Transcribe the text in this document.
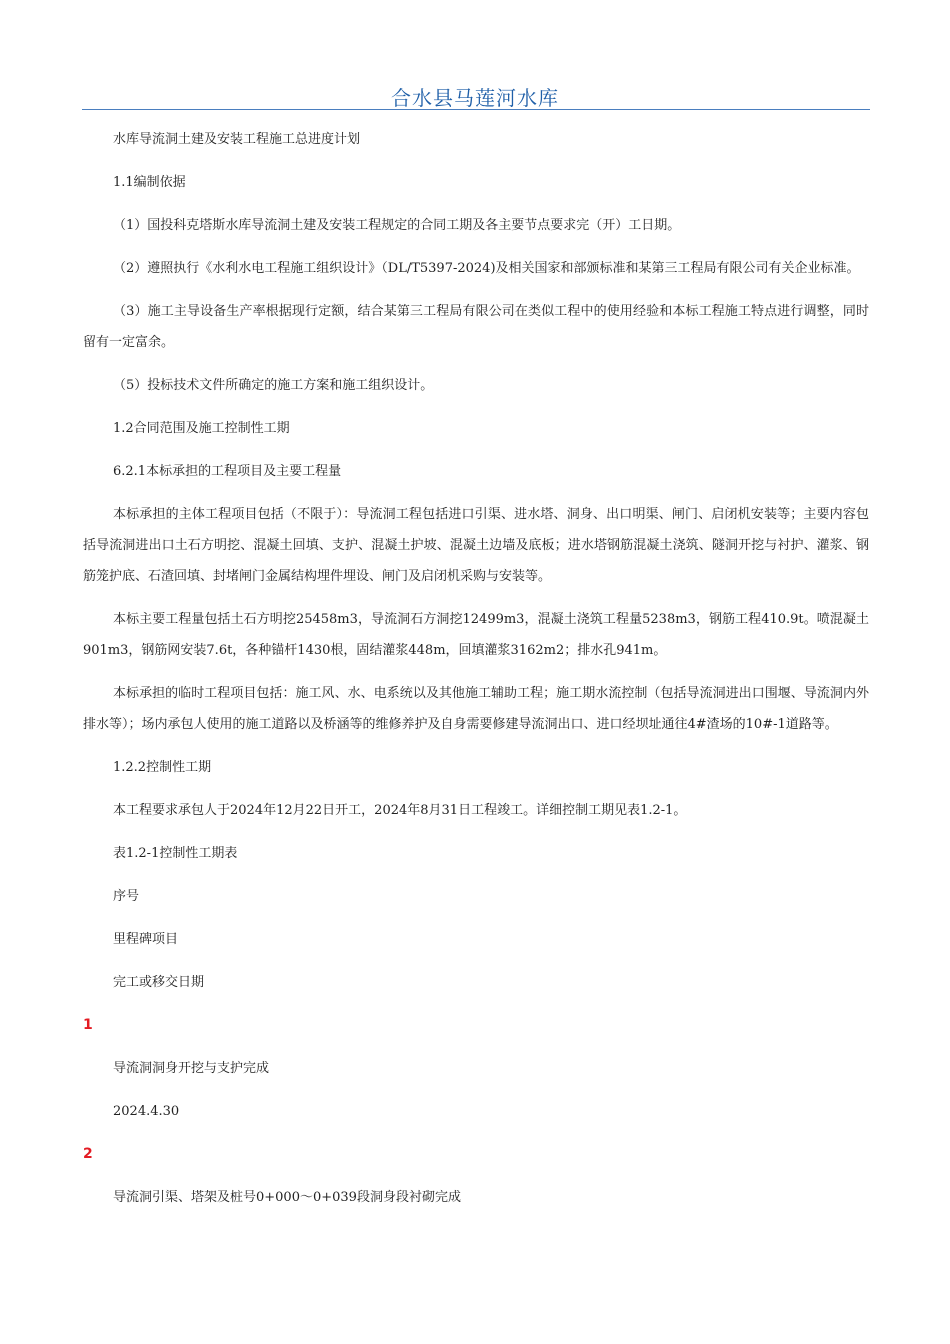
合水县马莲河水库

水库导流洞土建及安装工程施工总进度计划

1.1编制依据

（1）国投科克塔斯水库导流洞土建及安装工程规定的合同工期及各主要节点要求完（开）工日期。

（2）遵照执行《水利水电工程施工组织设计》（DL/T5397-2024)及相关国家和部颁标准和某第三工程局有限公司有关企业标准。

（3）施工主导设备生产率根据现行定额，结合某第三工程局有限公司在类似工程中的使用经验和本标工程施工特点进行调整，同时留有一定富余。

（5）投标技术文件所确定的施工方案和施工组织设计。

1.2合同范围及施工控制性工期

6.2.1本标承担的工程项目及主要工程量

本标承担的主体工程项目包括（不限于）：导流洞工程包括进口引渠、进水塔、洞身、出口明渠、闸门、启闭机安装等；主要内容包括导流洞进出口土石方明挖、混凝土回填、支护、混凝土护坡、混凝土边墙及底板；进水塔钢筋混凝土浇筑、隧洞开挖与衬护、灌浆、钢筋笼护底、石渣回填、封堵闸门金属结构埋件埋设、闸门及启闭机采购与安装等。

本标主要工程量包括土石方明挖25458m3，导流洞石方洞挖12499m3，混凝土浇筑工程量5238m3，钢筋工程410.9t。喷混凝土901m3，钢筋网安装7.6t，各种锚杆1430根，固结灌浆448m，回填灌浆3162m2；排水孔941m。

本标承担的临时工程项目包括：施工风、水、电系统以及其他施工辅助工程；施工期水流控制（包括导流洞进出口围堰、导流洞内外排水等）；场内承包人使用的施工道路以及桥涵等的维修养护及自身需要修建导流洞出口、进口经坝址通往4#渣场的10#-1道路等。

1.2.2控制性工期

本工程要求承包人于2024年12月22日开工，2024年8月31日工程竣工。详细控制工期见表1.2-1。

表1.2-1控制性工期表

序号

里程碑项目

完工或移交日期

1

导流洞洞身开挖与支护完成

2024.4.30

2

导流洞引渠、塔架及桩号0+000～0+039段洞身段衬砌完成
